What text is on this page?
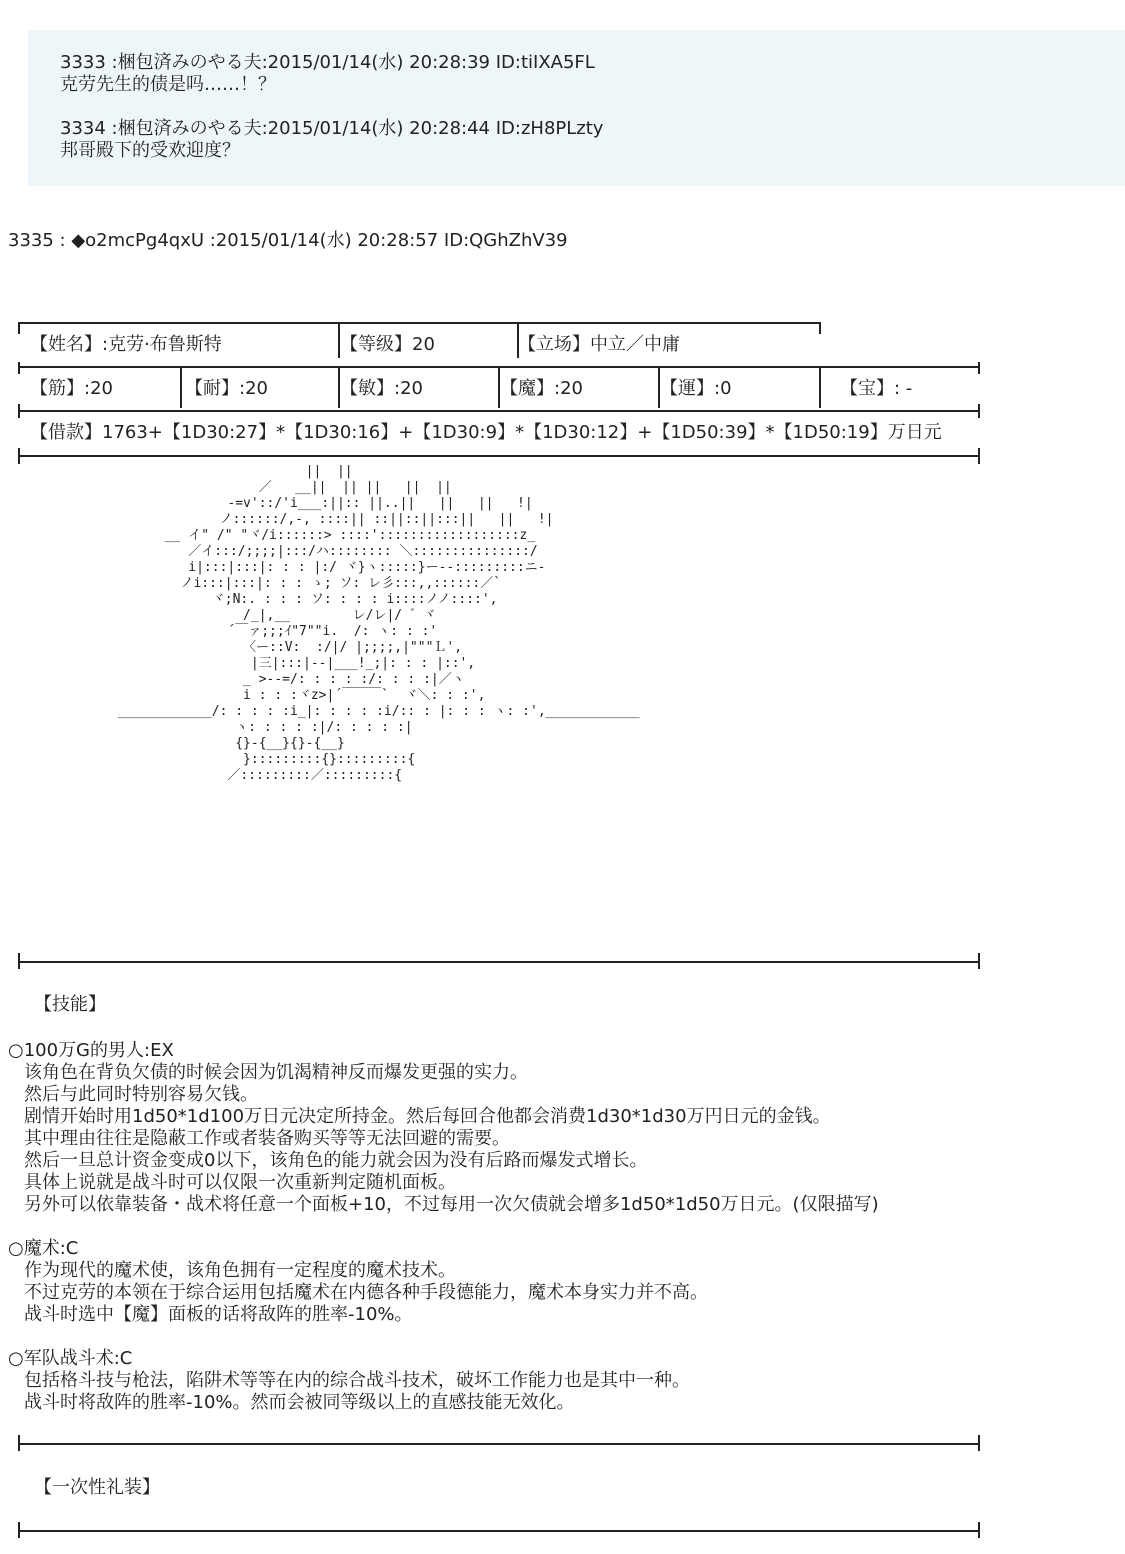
3333 :梱包済みのやる夫:2015/01/14(水) 20:28:39 ID:tiIXA5FL
克劳先生的债是吗……！？
3334 :梱包済みのやる夫:2015/01/14(水) 20:28:44 ID:zH8PLzty
邦哥殿下的受欢迎度？
3335 : ◆o2mcPg4qxU :2015/01/14(水) 20:28:57 ID:QGhZhV39
【姓名】:克劳·布鲁斯特	【等级】20	【立场】中立／中庸
【筋】:20	【耐】:20	【敏】:20	【魔】:20	【運】:0	【宝】: -
【借款】1763+【1D30:27】*【1D30:16】+【1D30:9】*【1D30:12】+【1D50:39】*【1D50:19】万日元
||  ||
／   __||  || ||   ||  ||
-=v'::/'i___:||:: ||..||   ||   ||   !|
ノ::::::/,-, ::::|| ::||::||:::||   ||   !|
__ イ" /" "ヾ/i::::::> ::::'::::::::::::::::::z_
／イ:::/;;;;|:::/ハ:::::::: ＼:::::::::::::::/
i|:::|:::|: : : |:/ ヾ}ヽ:::::}ー--:::::::::ニ-
ノi:::|:::|: : : ゝ; ソ: レ彡:::,,::::::／`
ヾ;N:. : : : ソ: : : : i::::ノノ::::',
/_|,__        レ/レ|/ ゛ヾ
´￣ァ;;;ｲ"7""i.  /: ヽ: : :'
〈ー::V:  :/|/ |;;;;,|"""Ｌ',
|三|:::|--|___!_;|: : : |::',
_ >--=/: : : : :/: : : :|／ヽ
i : : :ヾz>|´￣￣￣`  ヾ＼: : :',
____________/: : : : :i_|: : : : :i/:: : |: : : ヽ: :',____________
ヽ: : : : :|/: : : : :|
{}-{__}{}-{__}
}:::::::::{}:::::::::{
／:::::::::／:::::::::{
【技能】
○100万G的男人:EX
该角色在背负欠债的时候会因为饥渴精神反而爆发更强的实力。
然后与此同时特别容易欠钱。
剧情开始时用1d50*1d100万日元决定所持金。然后每回合他都会消费1d30*1d30万円日元的金钱。
其中理由往往是隐蔽工作或者装备购买等等无法回避的需要。
然后一旦总计资金变成0以下，该角色的能力就会因为没有后路而爆发式增长。
具体上说就是战斗时可以仅限一次重新判定随机面板。
另外可以依靠装备・战术将任意一个面板+10，不过每用一次欠债就会增多1d50*1d50万日元。(仅限描写)
○魔术:C
作为现代的魔术使，该角色拥有一定程度的魔术技术。
不过克劳的本领在于综合运用包括魔术在内德各种手段德能力，魔术本身实力并不高。
战斗时选中【魔】面板的话将敌阵的胜率-10%。
○军队战斗术:C
包括格斗技与枪法，陷阱术等等在内的综合战斗技术，破坏工作能力也是其中一种。
战斗时将敌阵的胜率-10%。然而会被同等级以上的直感技能无效化。
【一次性礼装】
